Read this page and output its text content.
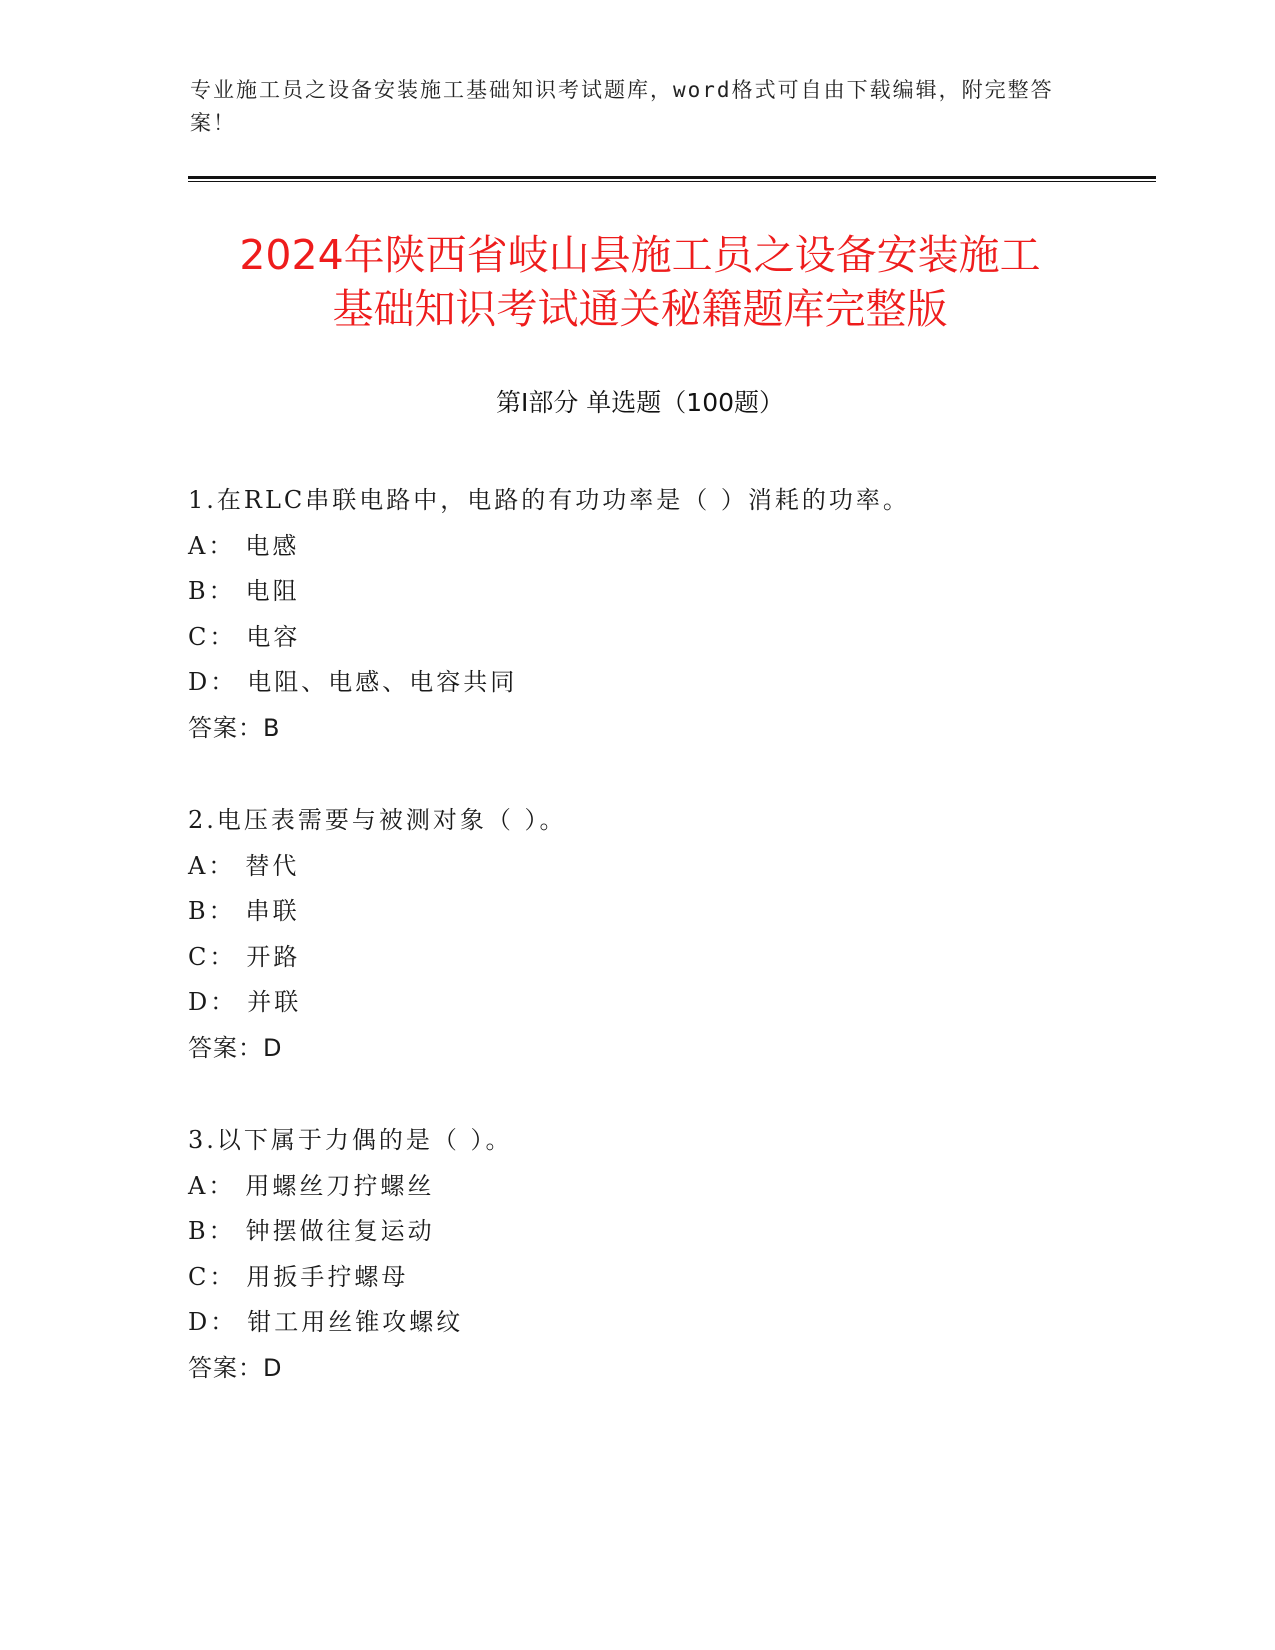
专业施工员之设备安装施工基础知识考试题库，word格式可自由下载编辑，附完整答案！
2024年陕西省岐山县施工员之设备安装施工
基础知识考试通关秘籍题库完整版
第Ⅰ部分 单选题（100题）
1.在RLC串联电路中，电路的有功功率是（ ）消耗的功率。
A： 电感
B： 电阻
C： 电容
D： 电阻、电感、电容共同
答案：B
2.电压表需要与被测对象（ ）。
A： 替代
B： 串联
C： 开路
D： 并联
答案：D
3.以下属于力偶的是（ ）。
A： 用螺丝刀拧螺丝
B： 钟摆做往复运动
C： 用扳手拧螺母
D： 钳工用丝锥攻螺纹
答案：D
